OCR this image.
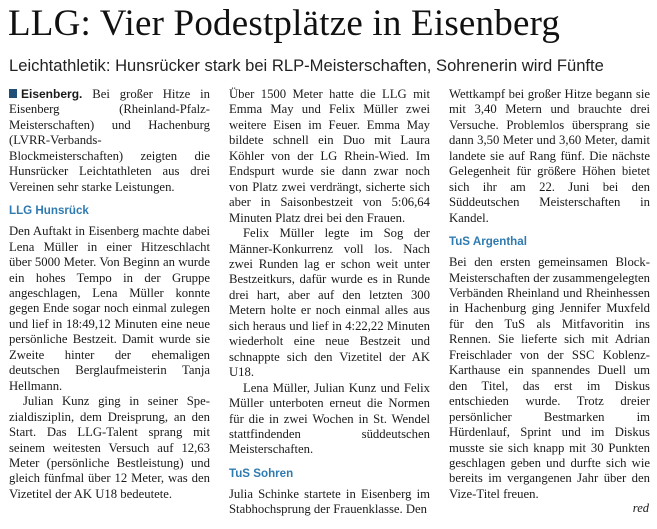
LLG: Vier Podestplätze in Eisenberg
Leichtathletik: Hunsrücker stark bei RLP-Meisterschaften, Sohrenerin wird Fünfte

Eisenberg. Bei großer Hitze in Eisenberg (Rheinland-Pfalz-Meisterschaften) und Hachenburg (LVRR-Verbands-Blockmeisterschaften) zeigten die Hunsrücker Leichtathleten aus drei Vereinen sehr starke Leistungen.

LLG Hunsrück

Den Auftakt in Eisenberg machte dabei Lena Müller in einer Hitzeschlacht über 5000 Meter. Von Beginn an wurde ein hohes Tempo in der Gruppe angeschlagen, Lena Müller konnte gegen Ende sogar noch einmal zulegen und lief in 18:49,12 Minuten eine neue persönliche Bestzeit. Damit wurde sie Zweite hinter der ehemaligen deutschen Berglaufmeisterin Tanja Hellmann.

Julian Kunz ging in seiner Spezialdisziplin, dem Dreisprung, an den Start. Das LLG-Talent sprang mit seinem weitesten Versuch auf 12,63 Meter (persönliche Bestleistung) und gleich fünfmal über 12 Meter, was den Vizetitel der AK U18 bedeutete.

Über 1500 Meter hatte die LLG mit Emma May und Felix Müller zwei weitere Eisen im Feuer. Emma May bildete schnell ein Duo mit Laura Köhler von der LG Rhein-Wied. Im Endspurt wurde sie dann zwar noch von Platz zwei verdrängt, sicherte sich aber in Saisonbestzeit von 5:06,64 Minuten Platz drei bei den Frauen.

Felix Müller legte im Sog der Männer-Konkurrenz voll los. Nach zwei Runden lag er schon weit unter Bestzeitkurs, dafür wurde es in Runde drei hart, aber auf den letzten 300 Metern holte er noch einmal alles aus sich heraus und lief in 4:22,22 Minuten wiederholt eine neue Bestzeit und schnappte sich den Vizetitel der AK U18.

Lena Müller, Julian Kunz und Felix Müller unterboten erneut die Normen für die in zwei Wochen in St. Wendel stattfindenden süddeutschen Meisterschaften.

TuS Sohren

Julia Schinke startete in Eisenberg im Stabhochsprung der Frauenklasse. Den

Wettkampf bei großer Hitze begann sie mit 3,40 Metern und brauchte drei Versuche. Problemlos übersprang sie dann 3,50 Meter und 3,60 Meter, damit landete sie auf Rang fünf. Die nächste Gelegenheit für größere Höhen bietet sich ihr am 22. Juni bei den Süddeutschen Meisterschaften in Kandel.

TuS Argenthal

Bei den ersten gemeinsamen Block-Meisterschaften der zusammengelegten Verbänden Rheinland und Rheinhessen in Hachenburg ging Jennifer Muxfeld für den TuS als Mitfavoritin ins Rennen. Sie lieferte sich mit Adrian Freischlader von der SSC Koblenz-Karthause ein spannendes Duell um den Titel, das erst im Diskus entschieden wurde. Trotz dreier persönlicher Bestmarken im Hürdenlauf, Sprint und im Diskus musste sie sich knapp mit 30 Punkten geschlagen geben und durfte sich wie bereits im vergangenen Jahr über den Vize-Titel freuen.

red
